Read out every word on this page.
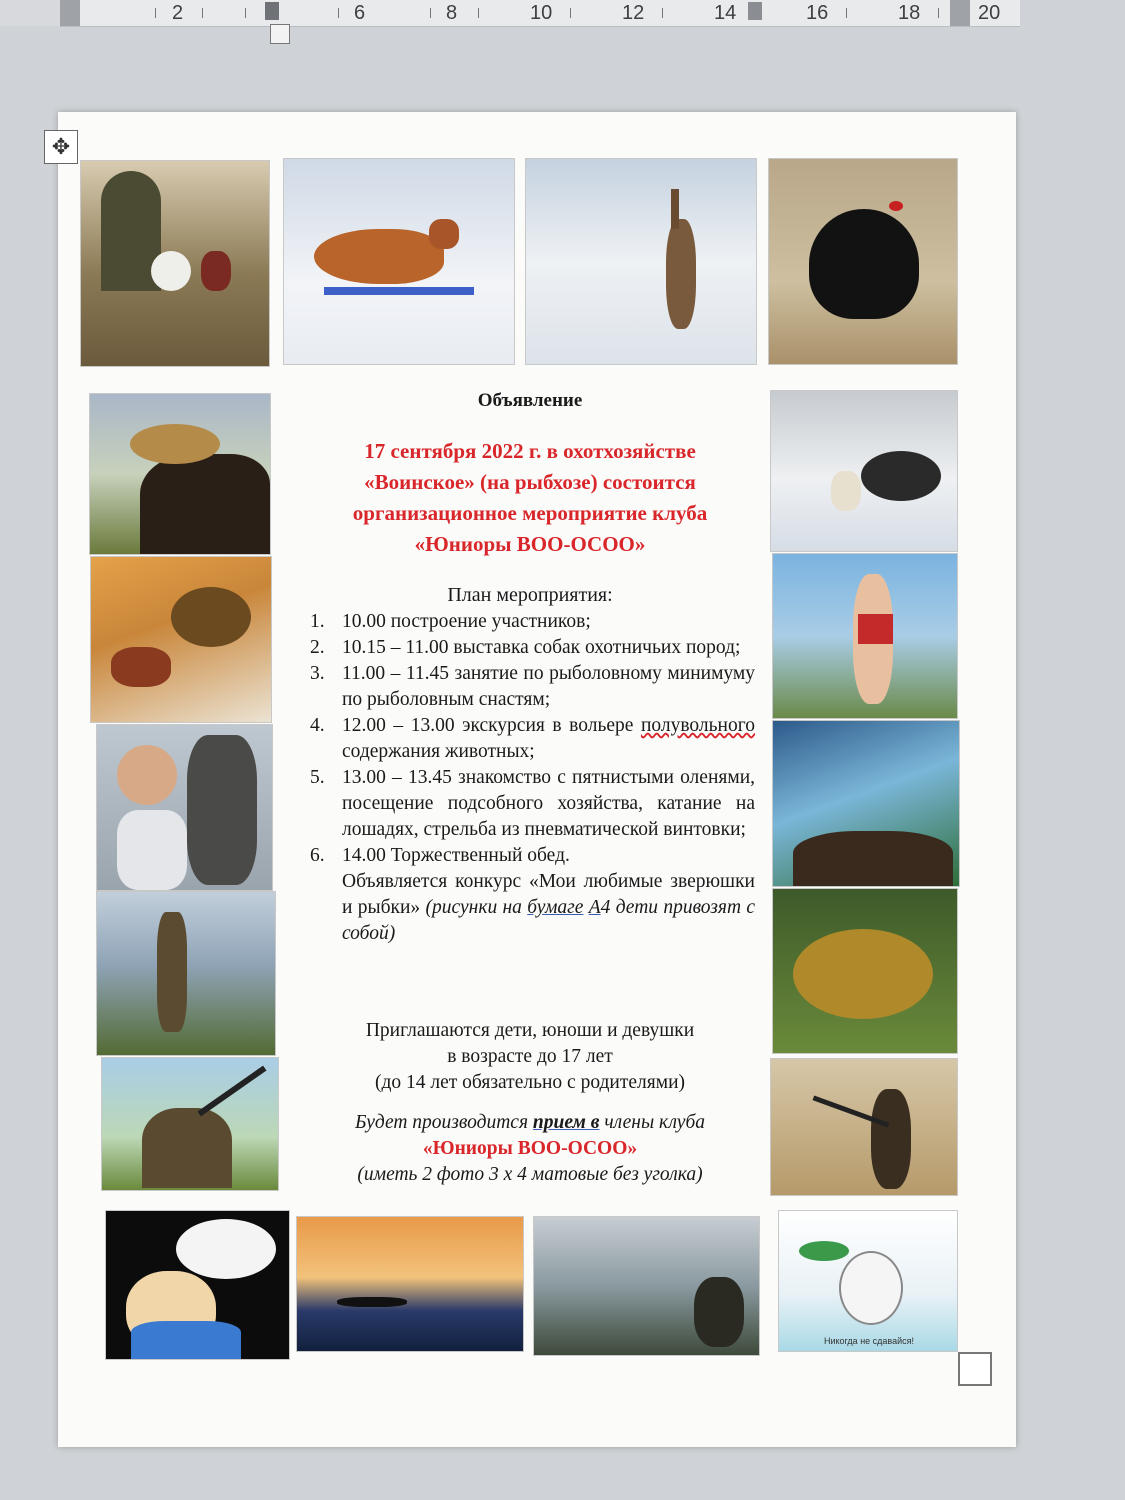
2	6	8	10	12	14	16	18	20
✥
Никогда не сдавайся!
Объявление
17 сентября 2022 г. в охотхозяйстве
«Воинское» (на рыбхозе) состоится
организационное мероприятие клуба
«Юниоры ВОО-ОСОО»
План мероприятия:
1. 10.00 построение участников;
2. 10.15 – 11.00 выставка собак охотничьих пород;
3. 11.00 – 11.45 занятие по рыболовному минимуму по рыболовным снастям;
4. 12.00 – 13.00 экскурсия в вольере полувольного содержания животных;
5. 13.00 – 13.45 знакомство с пятнистыми оленями, посещение подсобного хозяйства, катание на лошадях, стрельба из пневматической винтовки;
6. 14.00 Торжественный обед.
Объявляется конкурс «Мои любимые зверюшки и рыбки» (рисунки на бумаге А4 дети привозят с собой)
Приглашаются дети, юноши и девушки
в возрасте до 17 лет
(до 14 лет обязательно с родителями)
Будет производится прием в члены клуба
«Юниоры ВОО-ОСОО»
(иметь 2 фото 3 х 4 матовые без уголка)
